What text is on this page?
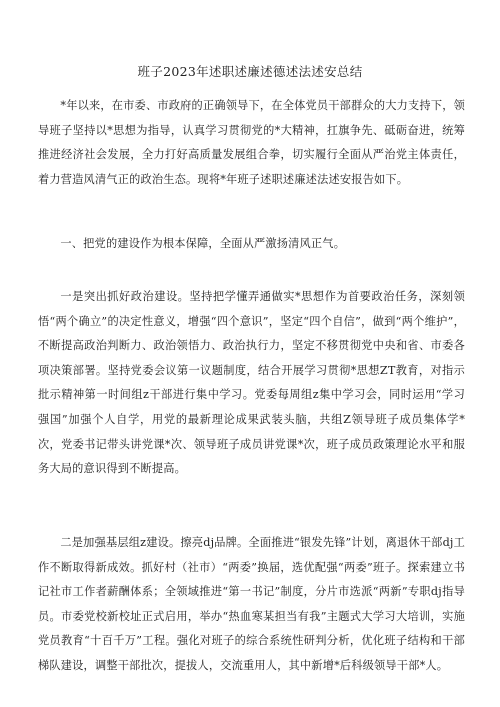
班子2023年述职述廉述德述法述安总结

*年以来，在市委、市政府的正确领导下，在全体党员干部群众的大力支持下，领导班子坚持以*思想为指导，认真学习贯彻党的*大精神，扛旗争先、砥砺奋进，统筹推进经济社会发展，全力打好高质量发展组合拳，切实履行全面从严治党主体责任，着力营造风清气正的政治生态。现将*年班子述职述廉述法述安报告如下。

一、把党的建设作为根本保障，全面从严激扬清风正气。

一是突出抓好政治建设。坚持把学懂弄通做实*思想作为首要政治任务，深刻领悟“两个确立”的决定性意义，增强“四个意识”，坚定“四个自信”，做到“两个维护”，不断提高政治判断力、政治领悟力、政治执行力，坚定不移贯彻党中央和省、市委各项决策部署。坚持党委会议第一议题制度，结合开展学习贯彻*思想ZT教育，对指示批示精神第一时间组z干部进行集中学习。党委每周组z集中学习会，同时运用“学习强国”加强个人自学，用党的最新理论成果武装头脑，共组Z领导班子成员集体学*次，党委书记带头讲党课*次、领导班子成员讲党课*次，班子成员政策理论水平和服务大局的意识得到不断提高。

二是加强基层组z建设。擦亮dj品牌。全面推进“银发先锋”计划，离退休干部dj工作不断取得新成效。抓好村（社市）“两委”换届，选优配强“两委”班子。探索建立书记社市工作者薪酬体系；全领域推进“第一书记”制度，分片市选派“两新”专职dj指导员。市委党校新校址正式启用，举办“热血寒某担当有我”主题式大学习大培训，实施党员教育“十百千万”工程。强化对班子的综合系统性研判分析，优化班子结构和干部梯队建设，调整干部批次，提拔人，交流重用人，其中新增*后科级领导干部*人。
